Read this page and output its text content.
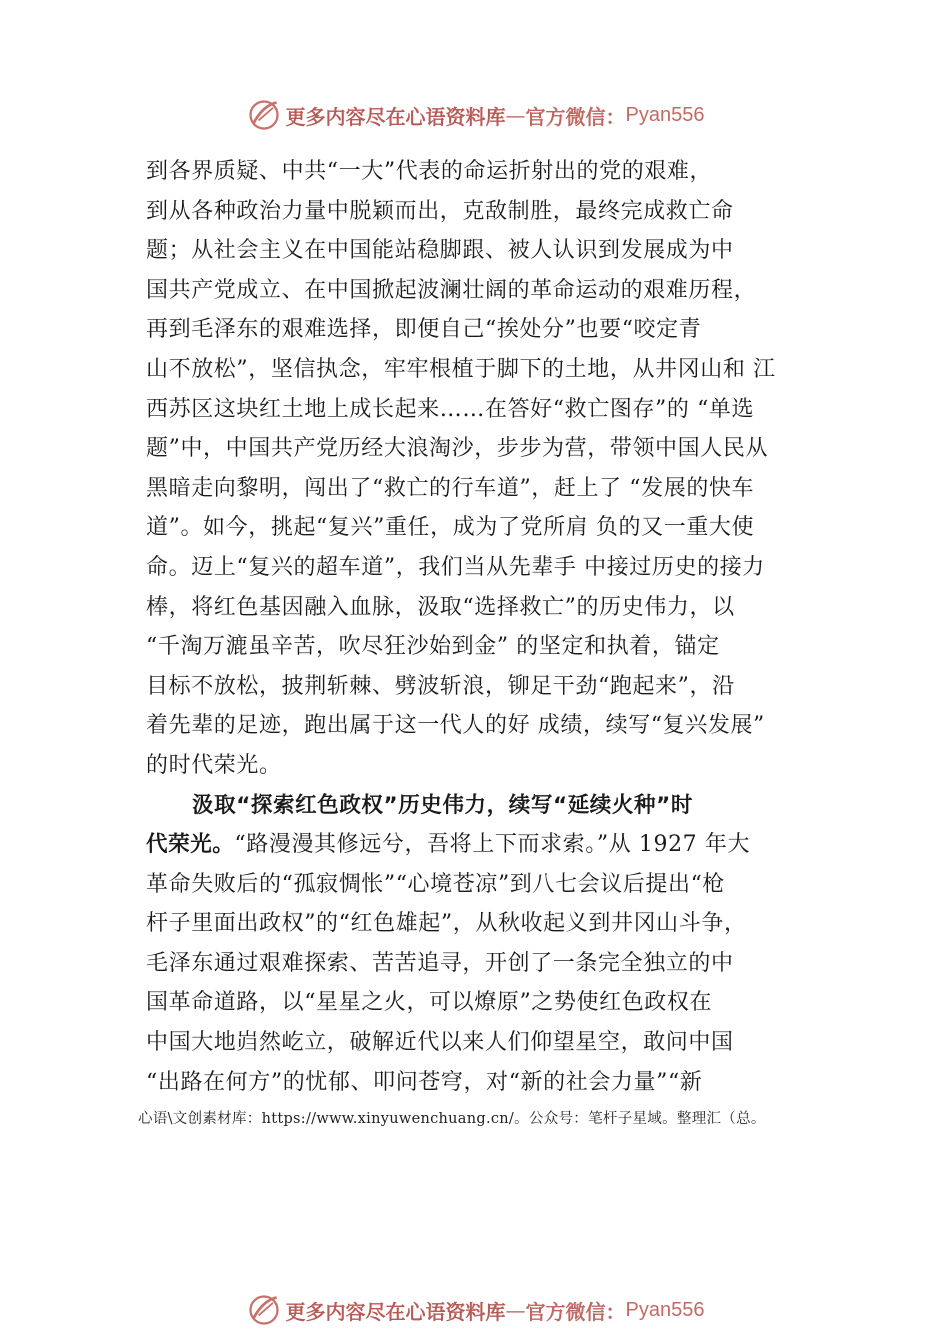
更多内容尽在心语资料库 — 官方微信： Pyan556
到各界质疑、中共“一大”代表的命运折射出的党的艰难，
到从各种政治力量中脱颖而出，克敌制胜，最终完成救亡命
题；从社会主义在中国能站稳脚跟、被人认识到发展成为中
国共产党成立、在中国掀起波澜壮阔的革命运动的艰难历程，
再到毛泽东的艰难选择，即便自己“挨处分”也要“咬定青
山不放松”，坚信执念，牢牢根植于脚下的土地，从井冈山和 江
西苏区这块红土地上成长起来……在答好“救亡图存”的 “单选
题”中，中国共产党历经大浪淘沙，步步为营，带领中国人民从
黑暗走向黎明，闯出了“救亡的行车道”，赶上了 “发展的快车
道”。如今，挑起“复兴”重任，成为了党所肩 负的又一重大使
命。迈上“复兴的超车道”，我们当从先辈手 中接过历史的接力
棒，将红色基因融入血脉，汲取“选择救亡”的历史伟力，以
“千淘万漉虽辛苦，吹尽狂沙始到金” 的坚定和执着，锚定
目标不放松，披荆斩棘、劈波斩浪，铆足干劲“跑起来”，沿
着先辈的足迹，跑出属于这一代人的好 成绩，续写“复兴发展”
的时代荣光。
汲取“探索红色政权”历史伟力，续写“延续火种”时
代荣光。“路漫漫其修远兮，吾将上下而求索。”从 1927 年大
革命失败后的“孤寂惆怅”“心境苍凉”到八七会议后提出“枪
杆子里面出政权”的“红色雄起”，从秋收起义到井冈山斗争，
毛泽东通过艰难探索、苦苦追寻，开创了一条完全独立的中
国革命道路，以“星星之火，可以燎原”之势使红色政权在
中国大地岿然屹立，破解近代以来人们仰望星空，敢问中国
“出路在何方”的忧郁、叩问苍穹，对“新的社会力量”“新
心语\文创素材库：https://www.xinyuwenchuang.cn/。公众号：笔杆子星域。整理汇（总。
更多内容尽在心语资料库 — 官方微信： Pyan556
